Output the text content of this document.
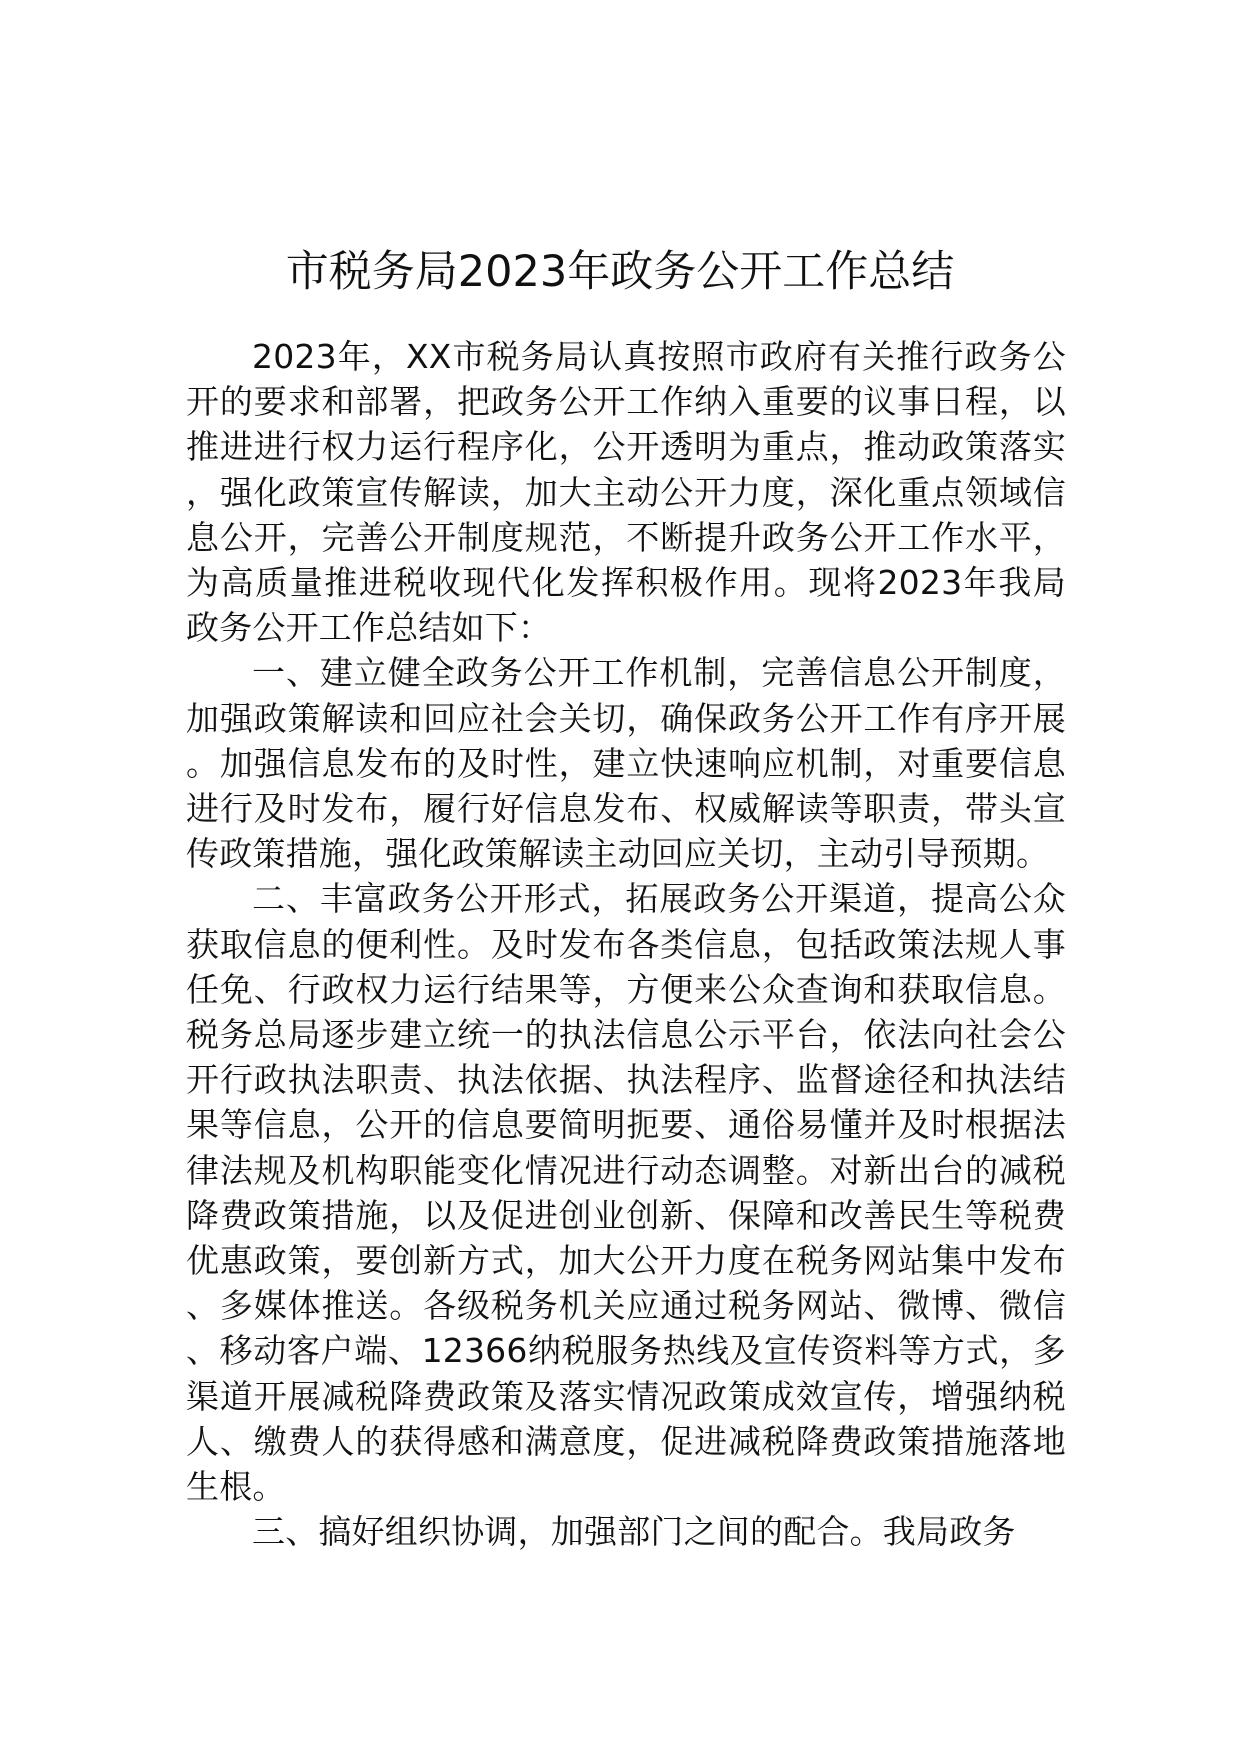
市税务局2023年政务公开工作总结

2023年，XX市税务局认真按照市政府有关推行政务公开的要求和部署，把政务公开工作纳入重要的议事日程，以推进进行权力运行程序化，公开透明为重点，推动政策落实，强化政策宣传解读，加大主动公开力度，深化重点领域信息公开，完善公开制度规范，不断提升政务公开工作水平，为高质量推进税收现代化发挥积极作用。现将2023年我局政务公开工作总结如下：

一、建立健全政务公开工作机制，完善信息公开制度，加强政策解读和回应社会关切，确保政务公开工作有序开展。加强信息发布的及时性，建立快速响应机制，对重要信息进行及时发布，履行好信息发布、权威解读等职责，带头宣传政策措施，强化政策解读主动回应关切，主动引导预期。

二、丰富政务公开形式，拓展政务公开渠道，提高公众获取信息的便利性。及时发布各类信息，包括政策法规人事任免、行政权力运行结果等，方便来公众查询和获取信息。税务总局逐步建立统一的执法信息公示平台，依法向社会公开行政执法职责、执法依据、执法程序、监督途径和执法结果等信息，公开的信息要简明扼要、通俗易懂并及时根据法律法规及机构职能变化情况进行动态调整。对新出台的减税降费政策措施，以及促进创业创新、保障和改善民生等税费优惠政策，要创新方式，加大公开力度在税务网站集中发布、多媒体推送。各级税务机关应通过税务网站、微博、微信、移动客户端、12366纳税服务热线及宣传资料等方式，多渠道开展减税降费政策及落实情况政策成效宣传，增强纳税人、缴费人的获得感和满意度，促进减税降费政策措施落地生根。

三、搞好组织协调，加强部门之间的配合。我局政务
